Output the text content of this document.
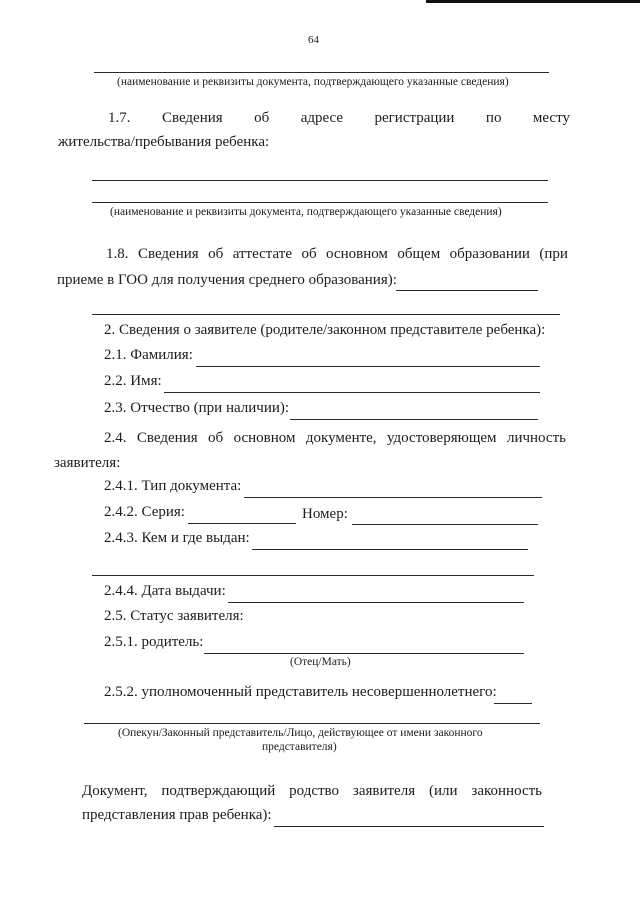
64
(наименование и реквизиты документа, подтверждающего указанные сведения)
1.7. Сведения об адресе регистрации по месту
жительства/пребывания ребенка:
(наименование и реквизиты документа, подтверждающего указанные сведения)
1.8. Сведения об аттестате об основном общем образовании (при
приеме в ГОО для получения среднего образования):
2. Сведения о заявителе (родителе/законном представителе ребенка):
2.1. Фамилия:
2.2. Имя:
2.3. Отчество (при наличии):
2.4. Сведения об основном документе, удостоверяющем личность
заявителя:
2.4.1. Тип документа:
2.4.2. Серия:	Номер:
2.4.3. Кем и где выдан:
2.4.4. Дата выдачи:
2.5. Статус заявителя:
2.5.1. родитель:
(Отец/Мать)
2.5.2. уполномоченный представитель несовершеннолетнего:
(Опекун/Законный представитель/Лицо, действующее от имени законного
представителя)
Документ, подтверждающий родство заявителя (или законность
представления прав ребенка):
